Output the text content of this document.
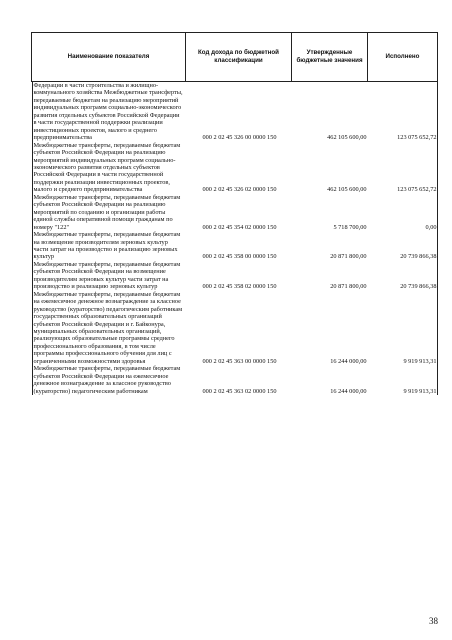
Наименование показателя	Код дохода по бюджетной классификации	Утвержденные бюджетные значения	Исполнено

Федерации в части строительства и жилищно-коммунального хозяйства Межбюджетные трансферты, передаваемые бюджетам на реализацию мероприятий индивидуальных программ социально-экономического развития отдельных субъектов Российской Федерации в части государственной поддержки реализации инвестиционных проектов, малого и среднего предпринимательства	000 2 02 45 326 00 0000 150	462 105 600,00	123 075 652,72
Межбюджетные трансферты, передаваемые бюджетам субъектов Российской Федерации на реализацию мероприятий индивидуальных программ социально-экономического развития отдельных субъектов Российской Федерации в части государственной поддержки реализации инвестиционных проектов, малого и среднего предпринимательства	000 2 02 45 326 02 0000 150	462 105 600,00	123 075 652,72
Межбюджетные трансферты, передаваемые бюджетам субъектов Российской Федерации на реализацию мероприятий по созданию и организации работы единой службы оперативной помощи гражданам по номеру "122"	000 2 02 45 354 02 0000 150	5 718 700,00	0,00
Межбюджетные трансферты, передаваемые бюджетам на возмещение производителям зерновых культур части затрат на производство и реализацию зерновых культур	000 2 02 45 358 00 0000 150	20 871 800,00	20 739 866,38
Межбюджетные трансферты, передаваемые бюджетам субъектов Российской Федерации на возмещение производителям зерновых культур части затрат на производство и реализацию зерновых культур	000 2 02 45 358 02 0000 150	20 871 800,00	20 739 866,38
Межбюджетные трансферты, передаваемые бюджетам на ежемесячное денежное вознаграждение за классное руководство (кураторство) педагогическим работникам государственных образовательных организаций субъектов Российской Федерации и г. Байконура, муниципальных образовательных организаций, реализующих образовательные программы среднего профессионального образования, в том числе программы профессионального обучения для лиц с ограниченными возможностями здоровья	000 2 02 45 363 00 0000 150	16 244 000,00	9 919 913,31
Межбюджетные трансферты, передаваемые бюджетам субъектов Российской Федерации на ежемесячное денежное вознаграждение за классное руководство (кураторство) педагогическим работникам	000 2 02 45 363 02 0000 150	16 244 000,00	9 919 913,31
38
